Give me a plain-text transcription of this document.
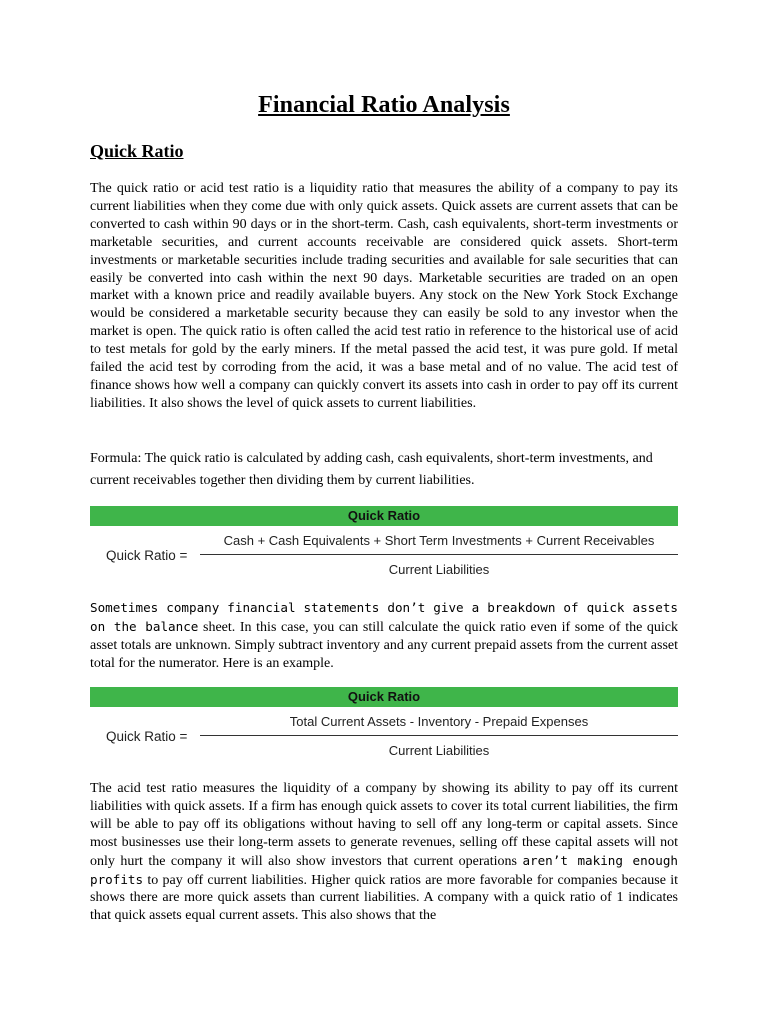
Financial Ratio Analysis
Quick Ratio

The quick ratio or acid test ratio is a liquidity ratio that measures the ability of a company to pay its current liabilities when they come due with only quick assets. Quick assets are current assets that can be converted to cash within 90 days or in the short-term. Cash, cash equivalents, short-term investments or marketable securities, and current accounts receivable are considered quick assets. Short-term investments or marketable securities include trading securities and available for sale securities that can easily be converted into cash within the next 90 days. Marketable securities are traded on an open market with a known price and readily available buyers. Any stock on the New York Stock Exchange would be considered a marketable security because they can easily be sold to any investor when the market is open. The quick ratio is often called the acid test ratio in reference to the historical use of acid to test metals for gold by the early miners. If the metal passed the acid test, it was pure gold. If metal failed the acid test by corroding from the acid, it was a base metal and of no value. The acid test of finance shows how well a company can quickly convert its assets into cash in order to pay off its current liabilities. It also shows the level of quick assets to current liabilities.

Formula: The quick ratio is calculated by adding cash, cash equivalents, short-term investments, and current receivables together then dividing them by current liabilities.

Quick Ratio
Quick Ratio =
Cash + Cash Equivalents + Short Term Investments + Current Receivables
Current Liabilities

Sometimes company financial statements don’t give a breakdown of quick assets on the balance sheet. In this case, you can still calculate the quick ratio even if some of the quick asset totals are unknown. Simply subtract inventory and any current prepaid assets from the current asset total for the numerator. Here is an example.

Quick Ratio
Quick Ratio =
Total Current Assets - Inventory - Prepaid Expenses
Current Liabilities

The acid test ratio measures the liquidity of a company by showing its ability to pay off its current liabilities with quick assets. If a firm has enough quick assets to cover its total current liabilities, the firm will be able to pay off its obligations without having to sell off any long-term or capital assets. Since most businesses use their long-term assets to generate revenues, selling off these capital assets will not only hurt the company it will also show investors that current operations aren’t making enough profits to pay off current liabilities. Higher quick ratios are more favorable for companies because it shows there are more quick assets than current liabilities. A company with a quick ratio of 1 indicates that quick assets equal current assets. This also shows that the
